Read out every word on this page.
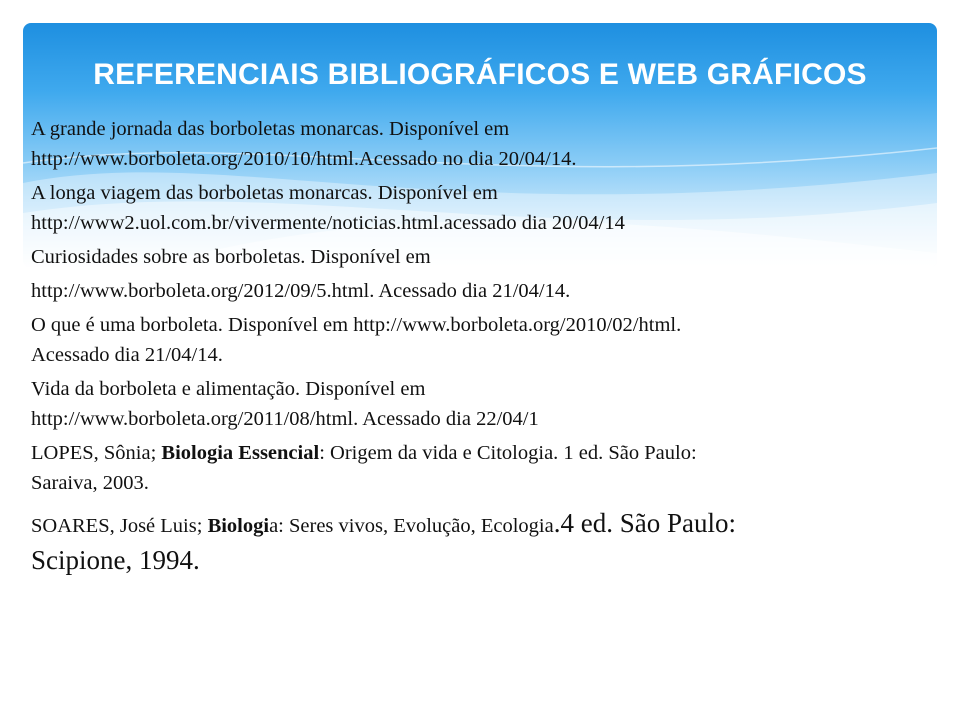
REFERENCIAIS BIBLIOGRÁFICOS E WEB GRÁFICOS

A grande jornada das borboletas monarcas. Disponível em
http://www.borboleta.org/2010/10/html.Acessado no dia 20/04/14.

A longa viagem das borboletas monarcas. Disponível em
http://www2.uol.com.br/vivermente/noticias.html.acessado dia 20/04/14

Curiosidades sobre as borboletas. Disponível em

http://www.borboleta.org/2012/09/5.html. Acessado dia 21/04/14.

O que é uma borboleta. Disponível em http://www.borboleta.org/2010/02/html.
Acessado dia 21/04/14.

Vida da borboleta e alimentação. Disponível em
http://www.borboleta.org/2011/08/html. Acessado dia 22/04/1

LOPES, Sônia; Biologia Essencial: Origem da vida e Citologia. 1 ed. São Paulo:
Saraiva, 2003.

SOARES, José Luis; Biologia: Seres vivos, Evolução, Ecologia.4 ed. São Paulo:
Scipione, 1994.
